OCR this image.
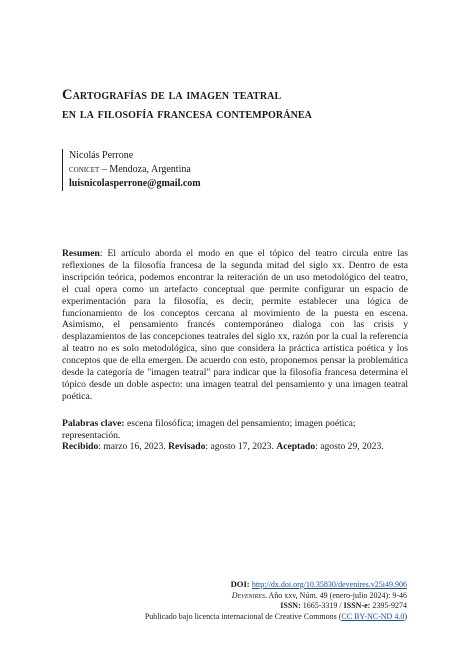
Cartografías de la imagen teatral
en la filosofía francesa contemporánea
Nicolás Perrone
conicet – Mendoza, Argentina
luisnicolasperrone@gmail.com

Resumen: El artículo aborda el modo en que el tópico del teatro circula entre las reflexiones de la filosofía francesa de la segunda mitad del siglo xx. Dentro de esta inscripción teórica, podemos encontrar la reiteración de un uso metodológico del teatro, el cual opera como un artefacto conceptual que permite configurar un espacio de experimentación para la filosofía, es decir, permite establecer una lógica de funcionamiento de los conceptos cercana al movimiento de la puesta en escena. Asimismo, el pensamiento francés contemporáneo dialoga con las crisis y desplazamientos de las concepciones teatrales del siglo xx, razón por la cual la referencia al teatro no es solo metodológica, sino que considera la práctica artística poética y los conceptos que de ella emergen. De acuerdo con esto, proponemos pensar la problemática desde la categoría de "imagen teatral" para indicar que la filosofía francesa determina el tópico desde un doble aspecto: una imagen teatral del pensamiento y una imagen teatral poética.

Palabras clave: escena filosófica; imagen del pensamiento; imagen poética; representación.
Recibido: marzo 16, 2023. Revisado: agosto 17, 2023. Aceptado: agosto 29, 2023.
DOI: http://dx.doi.org/10.35830/devenires.v25i49.906
Devenires. Año xxv, Núm. 49 (enero-julio 2024): 9-46
ISSN: 1665-3319 / ISSN-e: 2395-9274
Publicado bajo licencia internacional de Creative Commons (CC BY-NC-ND 4.0)
